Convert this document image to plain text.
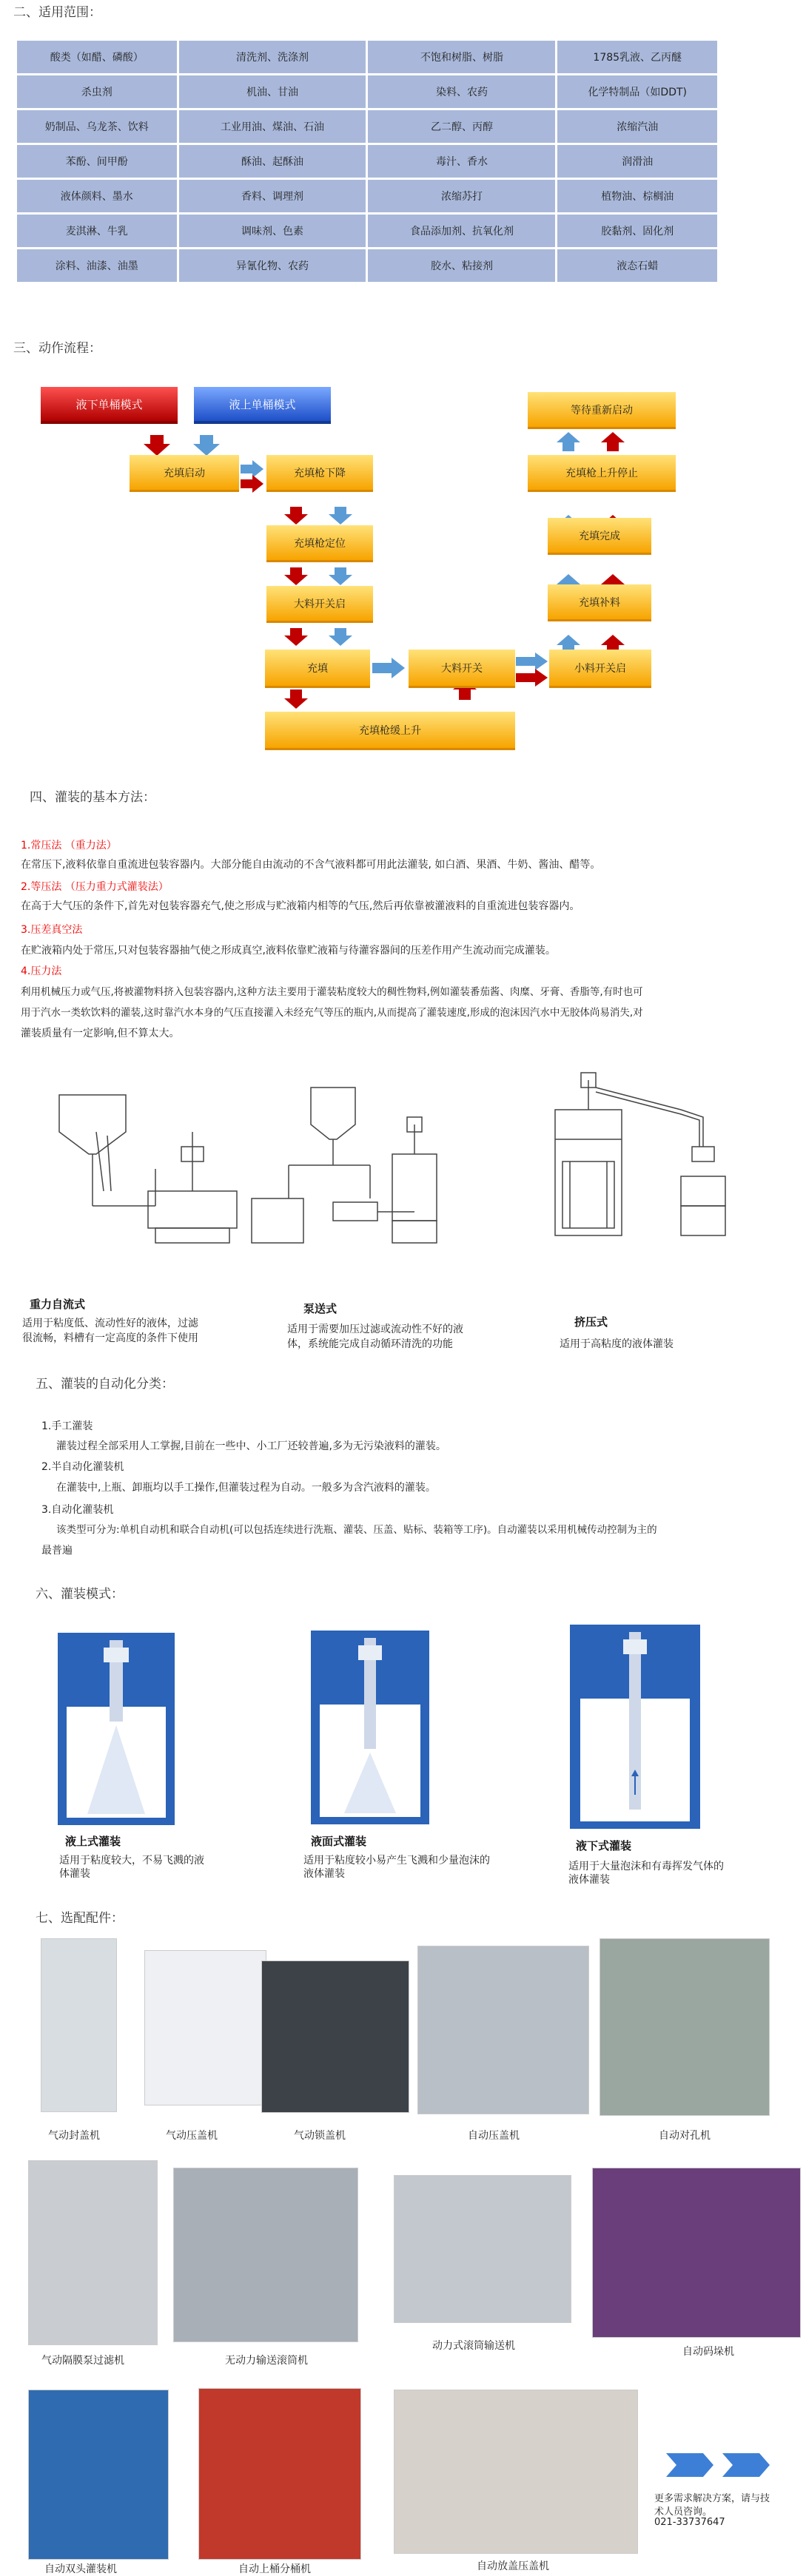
二、适用范围：
酸类（如醋、磷酸）	清洗剂、洗涤剂	不饱和树脂、树脂	1785乳液、乙丙醚
杀虫剂	机油、甘油	染料、农药	化学特制品（如DDT)
奶制品、乌龙茶、饮料	工业用油、煤油、石油	乙二醇、丙醇	浓缩汽油
苯酚、间甲酚	酥油、起酥油	毒汁、香水	润滑油
液体颜料、墨水	香料、调理剂	浓缩苏打	植物油、棕榈油
麦淇淋、牛乳	调味剂、色素	食品添加剂、抗氧化剂	胶黏剂、固化剂
涂料、油漆、油墨	异氰化物、农药	胶水、粘接剂	液态石蜡
三、动作流程：
液下单桶模式	液上单桶模式	等待重新启动
充填启动	充填枪下降	充填枪上升停止
充填枪定位
充填完成
大料开关启	充填补料
充填	大料开关	小料开关启
充填枪缓上升
四、灌装的基本方法：
1.常压法 （重力法）
在常压下,液料依靠自重流进包装容器内。大部分能自由流动的不含气液料都可用此法灌装, 如白酒、果酒、牛奶、酱油、醋等。
2.等压法 （压力重力式灌装法）
在高于大气压的条件下,首先对包装容器充气,使之形成与贮液箱内相等的气压,然后再依靠被灌液料的自重流进包装容器内。
3.压差真空法
在贮液箱内处于常压,只对包装容器抽气使之形成真空,液料依靠贮液箱与待灌容器间的压差作用产生流动而完成灌装。
4.压力法
利用机械压力或气压,将被灌物料挤入包装容器内,这种方法主要用于灌装粘度较大的稠性物料,例如灌装番茄酱、肉糜、牙膏、香脂等,有时也可
用于汽水一类软饮料的灌装,这时靠汽水本身的气压直接灌入未经充气等压的瓶内,从而提高了灌装速度,形成的泡沫因汽水中无胶体尚易消失,对
灌装质量有一定影响,但不算太大。
重力自流式
适用于粘度低、流动性好的液体，过滤
很流畅，料槽有一定高度的条件下使用
泵送式
适用于需要加压过滤或流动性不好的液
体，系统能完成自动循环清洗的功能
挤压式
适用于高粘度的液体灌装
五、灌装的自动化分类：
1.手工灌装
灌装过程全部采用人工掌握,目前在一些中、小工厂还较普遍,多为无污染液料的灌装。
2.半自动化灌装机
在灌装中,上瓶、卸瓶均以手工操作,但灌装过程为自动。一般多为含汽液料的灌装。
3.自动化灌装机
该类型可分为:单机自动机和联合自动机(可以包括连续进行洗瓶、灌装、压盖、贴标、装箱等工序)。自动灌装以采用机械传动控制为主的
最普遍
六、灌装模式：
液上式灌装
适用于粘度较大，不易飞溅的液
体灌装
液面式灌装
适用于粘度较小易产生飞溅和少量泡沫的
液体灌装
液下式灌装
适用于大量泡沫和有毒挥发气体的
液体灌装
七、选配配件：
气动封盖机	气动压盖机	气动锁盖机	自动压盖机	自动对孔机
气动隔膜泵过滤机	无动力输送滚筒机
动力式滚筒输送机	自动码垛机
自动双头灌装机	自动上桶分桶机	自动放盖压盖机
更多需求解决方案，请与技
术人员咨询。
021-33737647
